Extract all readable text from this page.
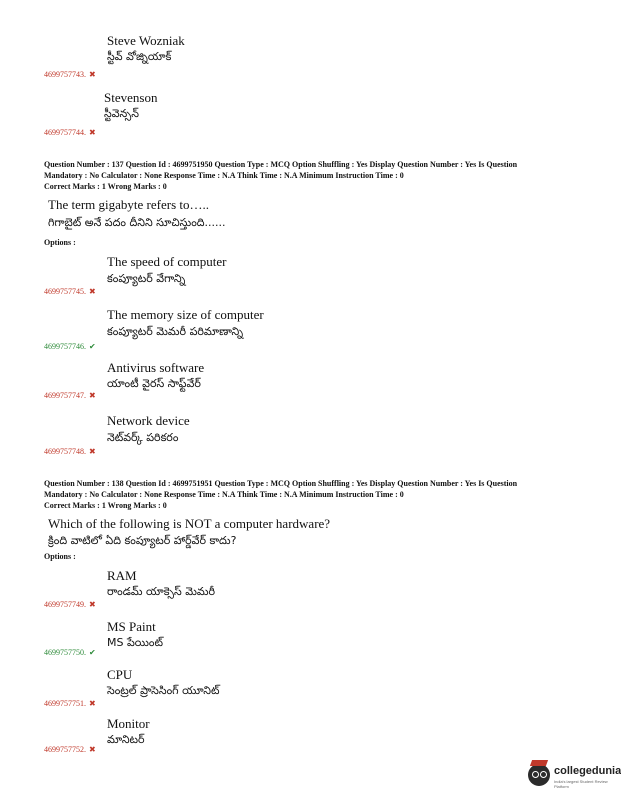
Steve Wozniak
స్టీవ్ వోజ్నియాక్
4699757743. ✖
Stevenson
స్టీవెన్సన్
4699757744. ✖
Question Number : 137 Question Id : 4699751950 Question Type : MCQ Option Shuffling : Yes Display Question Number : Yes Is Question
Mandatory : No Calculator : None Response Time : N.A Think Time : N.A Minimum Instruction Time : 0
Correct Marks : 1 Wrong Marks : 0
The term gigabyte refers to…..
గిగాబైట్ అనే పదం దీనిని సూచిస్తుంది......
Options :
The speed of computer
కంప్యూటర్ వేగాన్ని
4699757745. ✖
The memory size of computer
కంప్యూటర్ మెమరీ పరిమాణాన్ని
4699757746. ✔
Antivirus software
యాంటీ వైరస్ సాఫ్ట్‌వేర్
4699757747. ✖
Network device
నెట్‌వర్క్ పరికరం
4699757748. ✖
Question Number : 138 Question Id : 4699751951 Question Type : MCQ Option Shuffling : Yes Display Question Number : Yes Is Question
Mandatory : No Calculator : None Response Time : N.A Think Time : N.A Minimum Instruction Time : 0
Correct Marks : 1 Wrong Marks : 0
Which of the following is NOT a computer hardware?
క్రింది వాటిలో ఏది కంప్యూటర్ హార్డ్‌వేర్ కాదు?
Options :
RAM
రాండమ్ యాక్సెస్ మెమరీ
4699757749. ✖
MS Paint
MS పేయింట్
4699757750. ✔
CPU
సెంట్రల్ ప్రాసెసింగ్ యూనిట్
4699757751. ✖
Monitor
మానిటర్
4699757752. ✖
collegedunia
India's largest Student Review Platform
